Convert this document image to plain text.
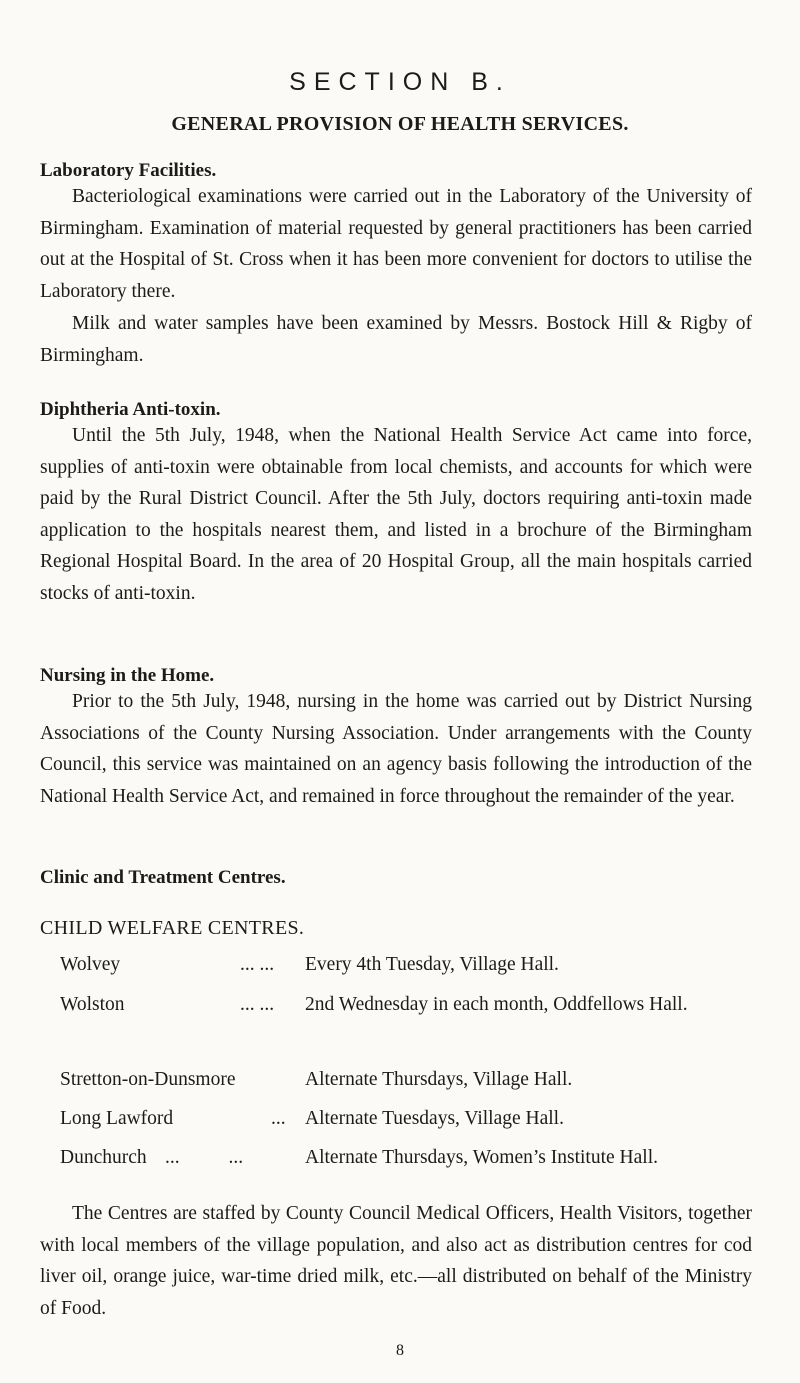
SECTION B.
GENERAL PROVISION OF HEALTH SERVICES.
Laboratory Facilities.

Bacteriological examinations were carried out in the Laboratory of the University of Birmingham. Examination of material requested by general practitioners has been carried out at the Hospital of St. Cross when it has been more convenient for doctors to utilise the Laboratory there.

Milk and water samples have been examined by Messrs. Bostock Hill & Rigby of Birmingham.

Diphtheria Anti-toxin.

Until the 5th July, 1948, when the National Health Service Act came into force, supplies of anti-toxin were obtainable from local chemists, and accounts for which were paid by the Rural District Council. After the 5th July, doctors requiring anti-toxin made application to the hospitals nearest them, and listed in a brochure of the Birmingham Regional Hospital Board. In the area of 20 Hospital Group, all the main hospitals carried stocks of anti-toxin.

Nursing in the Home.

Prior to the 5th July, 1948, nursing in the home was carried out by District Nursing Associations of the County Nursing Association. Under arrangements with the County Council, this service was maintained on an agency basis following the introduction of the National Health Service Act, and remained in force throughout the remainder of the year.

Clinic and Treatment Centres.
CHILD WELFARE CENTRES.
Wolvey	... ... Every 4th Tuesday, Village Hall.
Wolston	... ... 2nd Wednesday in each month, Oddfellows Hall.
Stretton-on-Dunsmore	Alternate Thursdays, Village Hall.
Long Lawford	... Alternate Tuesdays, Village Hall.
Dunchurch ... ...	Alternate Thursdays, Women’s Institute Hall.

The Centres are staffed by County Council Medical Officers, Health Visitors, together with local members of the village population, and also act as distribution centres for cod liver oil, orange juice, war-time dried milk, etc.—all distributed on behalf of the Ministry of Food.

8
